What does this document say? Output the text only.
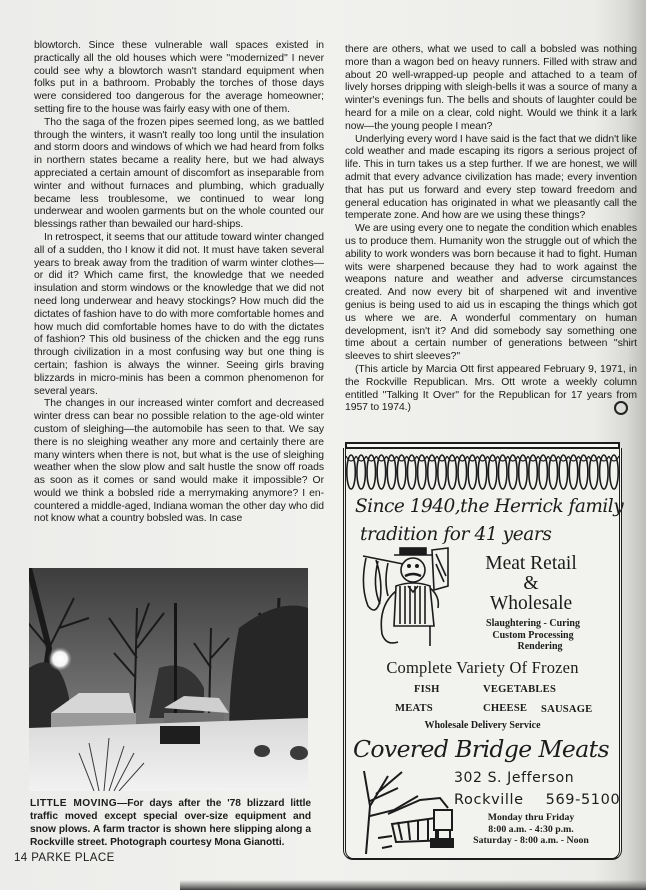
blowtorch. Since these vulnerable wall spaces existed in practically all the old houses which were ''modernized'' I never could see why a blowtorch wasn't standard equipment when folks put in a bathroom. Probably the torches of those days were considered too dangerous for the average homeowner; setting fire to the house was fairly easy with one of them.

Tho the saga of the frozen pipes seemed long, as we battled through the winters, it wasn't really too long until the insulation and storm doors and windows of which we had heard from folks in northern states became a reality here, but we had always appreciated a certain amount of discomfort as inseparable from winter and without furnaces and plumbing, which gradually became less troublesome, we continued to wear long underwear and woolen garments but on the whole counted our blessings rather than bewailed our hard-ships.

In retrospect, it seems that our attitude toward winter changed all of a sudden, tho I know it did not. It must have taken several years to break away from the tradition of warm winter clothes—or did it? Which came first, the knowledge that we needed insulation and storm windows or the knowledge that we did not need long underwear and heavy stockings? How much did the dictates of fashion have to do with more comfortable homes and how much did comfortable homes have to do with the dictates of fashion? This old business of the chicken and the egg runs through civilization in a most confusing way but one thing is certain; fashion is always the winner. Seeing girls braving blizzards in micro-minis has been a common phenomenon for several years.

The changes in our increased winter comfort and decreased winter dress can bear no possible relation to the age-old winter custom of sleighing—the automobile has seen to that. We say there is no sleighing weather any more and certainly there are many winters when there is not, but what is the use of sleighing weather when the slow plow and salt hustle the snow off roads as soon as it comes or sand would make it impossible? Or would we think a bobsled ride a merrymaking anymore? I en-countered a middle-aged, Indiana woman the other day who did not know what a country bobsled was. In case

there are others, what we used to call a bobsled was nothing more than a wagon bed on heavy runners. Filled with straw and about 20 well-wrapped-up people and attached to a team of lively horses dripping with sleigh-bells it was a source of many a winter's evenings fun. The bells and shouts of laughter could be heard for a mile on a clear, cold night. Would we think it a lark now—the young people I mean?

Underlying every word I have said is the fact that we didn't like cold weather and made escaping its rigors a serious project of life. This in turn takes us a step further. If we are honest, we will admit that every advance civilization has made; every invention that has put us forward and every step toward freedom and general education has originated in what we pleasantly call the temperate zone. And how are we using these things?

We are using every one to negate the condition which enables us to produce them. Humanity won the struggle out of which the ability to work wonders was born because it had to fight. Human wits were sharpened because they had to work against the weapons nature and weather and adverse circumstances created. And now every bit of sharpened wit and inventive genius is being used to aid us in escaping the things which got us where we are. A wonderful commentary on human development, isn't it? And did somebody say something one time about a certain number of generations between ''shirt sleeves to shirt sleeves?''

(This article by Marcia Ott first appeared February 9, 1971, in the Rockville Republican. Mrs. Ott wrote a weekly column entitled ''Talking It Over'' for the Republican for 17 years from 1957 to 1974.)

LITTLE MOVING—For days after the '78 blizzard little traffic moved except special over-size equipment and snow plows. A farm tractor is shown here slipping along a Rockville street. Photograph courtesy Mona Gianotti.
14 PARKE PLACE
Since 1940,the Herrick family
tradition for 41 years
Meat Retail
&
Wholesale
Slaughtering - Curing
Custom Processing
Rendering
Complete Variety Of Frozen
FISH	VEGETABLES
MEATS	CHEESE SAUSAGE
Wholesale Delivery Service
Covered Bridge Meats
302 S. Jefferson
Rockville 569-5100
Monday thru Friday
8:00 a.m. - 4:30 p.m.
Saturday - 8:00 a.m. - Noon
